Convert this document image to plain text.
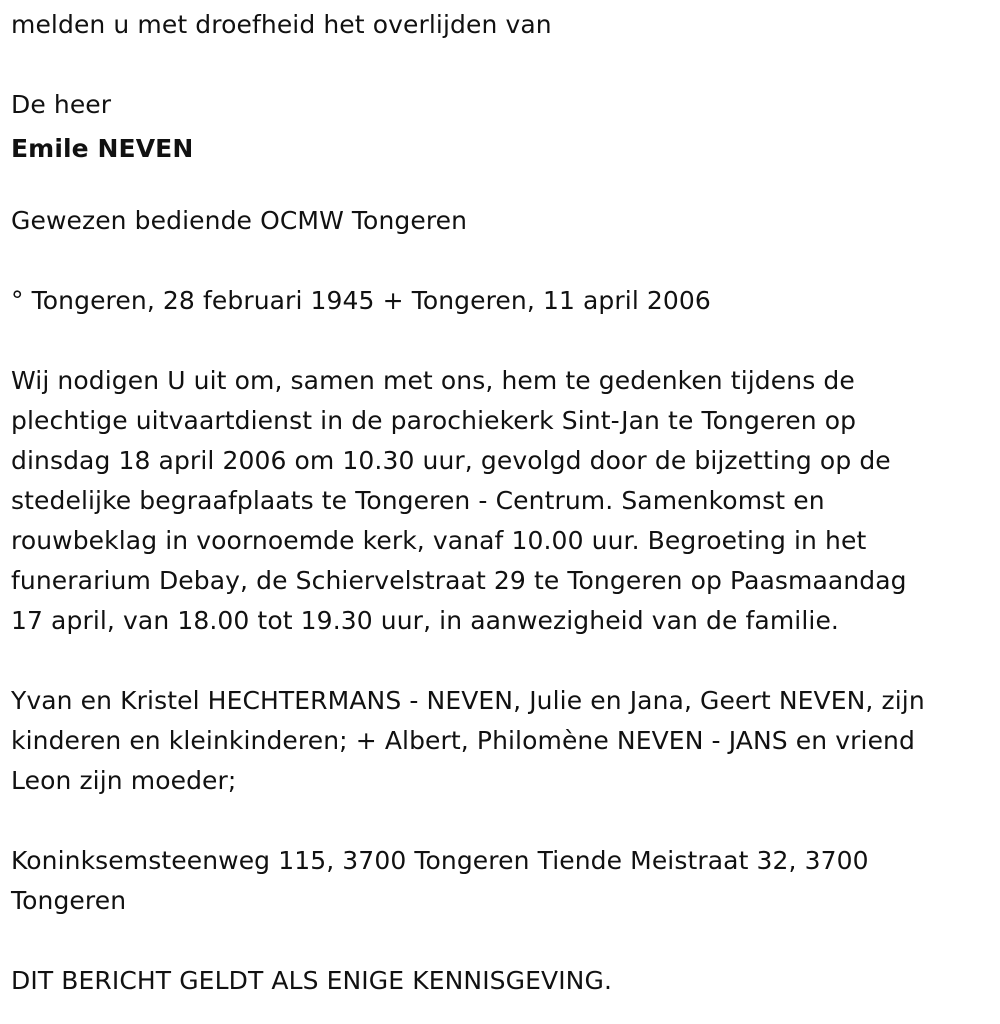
melden u met droefheid het overlijden van

De heer

Emile NEVEN

Gewezen bediende OCMW Tongeren

° Tongeren, 28 februari 1945 + Tongeren, 11 april 2006

Wij nodigen U uit om, samen met ons, hem te gedenken tijdens de

plechtige uitvaartdienst in de parochiekerk Sint-Jan te Tongeren op

dinsdag 18 april 2006 om 10.30 uur, gevolgd door de bijzetting op de

stedelijke begraafplaats te Tongeren - Centrum. Samenkomst en

rouwbeklag in voornoemde kerk, vanaf 10.00 uur. Begroeting in het

funerarium Debay, de Schiervelstraat 29 te Tongeren op Paasmaandag

17 april, van 18.00 tot 19.30 uur, in aanwezigheid van de familie.

Yvan en Kristel HECHTERMANS - NEVEN, Julie en Jana, Geert NEVEN, zijn

kinderen en kleinkinderen; + Albert, Philomène NEVEN - JANS en vriend

Leon zijn moeder;

Koninksemsteenweg 115, 3700 Tongeren Tiende Meistraat 32, 3700

Tongeren

DIT BERICHT GELDT ALS ENIGE KENNISGEVING.
